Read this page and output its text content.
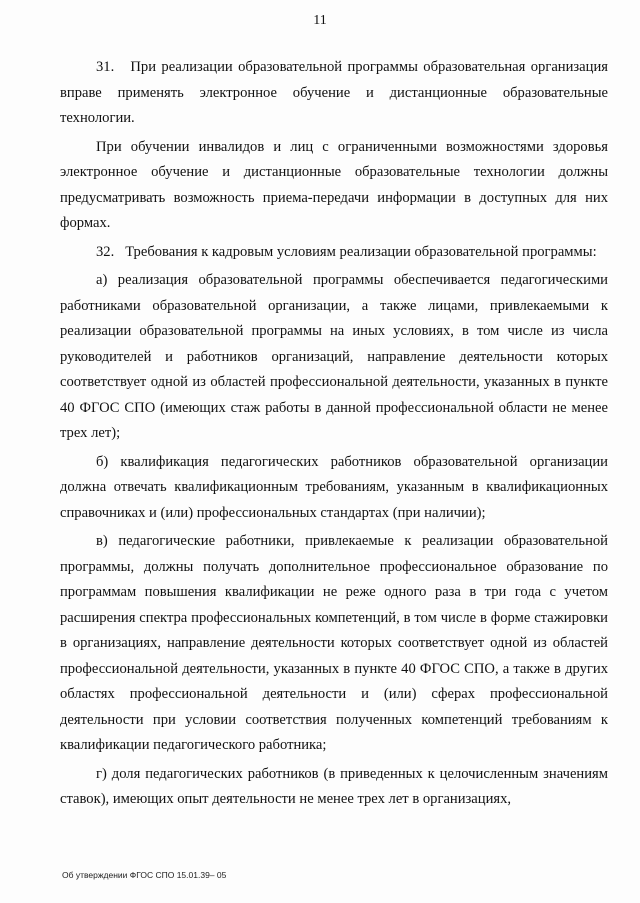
11

31.   При реализации образовательной программы образовательная организация вправе применять электронное обучение и дистанционные образовательные технологии.

При обучении инвалидов и лиц с ограниченными возможностями здоровья электронное обучение и дистанционные образовательные технологии должны предусматривать возможность приема-передачи информации в доступных для них формах.

32.   Требования к кадровым условиям реализации образовательной программы:

а) реализация образовательной программы обеспечивается педагогическими работниками образовательной организации, а также лицами, привлекаемыми к реализации образовательной программы на иных условиях, в том числе из числа руководителей и работников организаций, направление деятельности которых соответствует одной из областей профессиональной деятельности, указанных в пункте 40 ФГОС СПО (имеющих стаж работы в данной профессиональной области не менее трех лет);

б) квалификация педагогических работников образовательной организации должна отвечать квалификационным требованиям, указанным в квалификационных справочниках и (или) профессиональных стандартах (при наличии);

в) педагогические работники, привлекаемые к реализации образовательной программы, должны получать дополнительное профессиональное образование по программам повышения квалификации не реже одного раза в три года с учетом расширения спектра профессиональных компетенций, в том числе в форме стажировки в организациях, направление деятельности которых соответствует одной из областей профессиональной деятельности, указанных в пункте 40 ФГОС СПО, а также в других областях профессиональной деятельности и (или) сферах профессиональной деятельности при условии соответствия полученных компетенций требованиям к квалификации педагогического работника;

г) доля педагогических работников (в приведенных к целочисленным значениям ставок), имеющих опыт деятельности не менее трех лет в организациях,

Об утверждении ФГОС СПО 15.01.39– 05
